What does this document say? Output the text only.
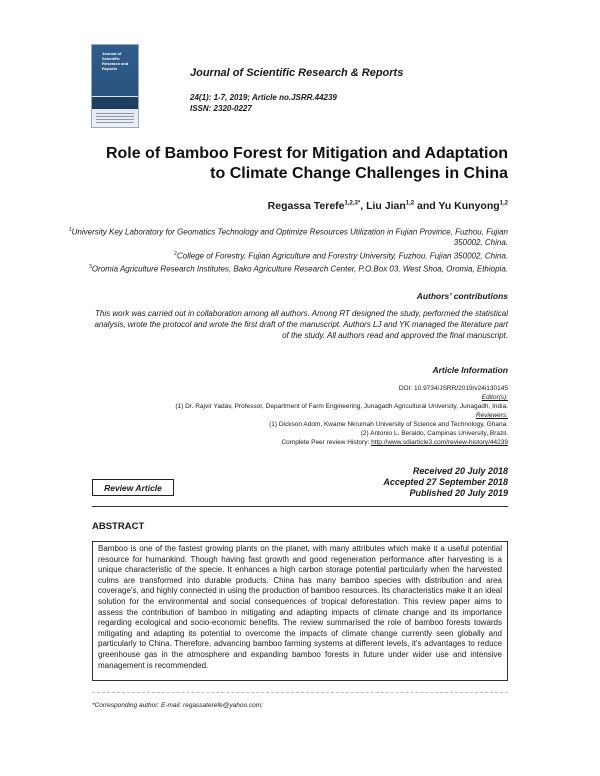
Journal of Scientific Research and Reports	Journal of Scientific Research & Reports
24(1): 1-7, 2019; Article no.JSRR.44239
ISSN: 2320-0227
Role of Bamboo Forest for Mitigation and Adaptation to Climate Change Challenges in China
Regassa Terefe$^{1,2,3*}$, Liu Jian$^{1,2}$ and Yu Kunyong$^{1,2}$
$^1$University Key Laboratory for Geomatics Technology and Optimize Resources Utilization in Fujian Province, Fuzhou, Fujian 350002, China.
$^2$College of Forestry, Fujian Agriculture and Forestry University, Fuzhou, Fujian 350002, China.
$^3$Oromia Agriculture Research Institutes, Bako Agriculture Research Center, P.O.Box 03, West Shoa, Oromia, Ethiopia.
Authors’ contributions
This work was carried out in collaboration among all authors. Among RT designed the study, performed the statistical analysis, wrote the protocol and wrote the first draft of the manuscript. Authors LJ and YK managed the literature part of the study. All authors read and approved the final manuscript.
Article Information
DOI: 10.9734/JSRR/2019/v24i130145
Editor(s):
(1) Dr. Rajvir Yadav, Professor, Department of Farm Engineering, Junagadh Agricultural University, Junagadh, India.
Reviewers:
(1) Dickson Adom, Kwame Nkrumah University of Science and Technology, Ghana.
(2) Antonio L. Beraldo, Campinas University, Brazil.
Complete Peer review History: http://www.sdiarticle3.com/review-history/44239
Received 20 July 2018
Accepted 27 September 2018
Published 20 July 2019
Review Article
ABSTRACT
Bamboo is one of the fastest growing plants on the planet, with many attributes which make it a useful potential resource for humankind. Though having fast growth and good regeneration performance after harvesting is a unique characteristic of the specie. It enhances a high carbon storage potential particularly when the harvested culms are transformed into durable products. China has many bamboo species with distribution and area coverage's, and highly connected in using the production of bamboo resources. Its characteristics make it an ideal solution for the environmental and social consequences of tropical deforestation. This review paper aims to assess the contribution of bamboo in mitigating and adapting impacts of climate change and its importance regarding ecological and socio-economic benefits. The review summarised the role of bamboo forests towards mitigating and adapting its potential to overcome the impacts of climate change currently seen globally and particularly to China. Therefore, advancing bamboo farming systems at different levels, it's advantages to reduce greenhouse gas in the atmosphere and expanding bamboo forests in future under wider use and intensive management is recommended.
*Corresponding author: E-mail: regassaterefe@yahoo.com;
